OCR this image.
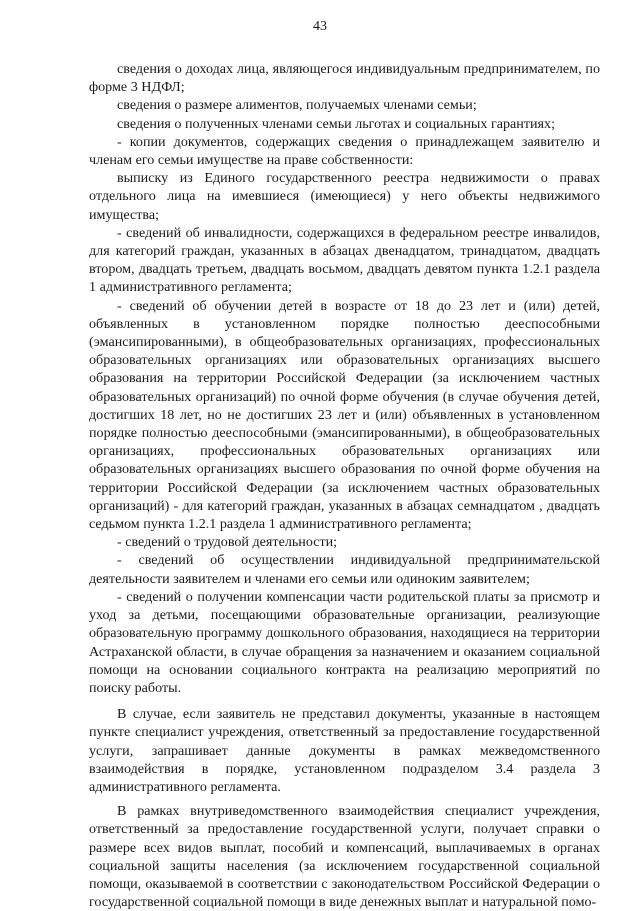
43

сведения о доходах лица, являющегося индивидуальным предпринимателем, по форме 3 НДФЛ;

сведения о размере алиментов, получаемых членами семьи;

сведения о полученных членами семьи льготах и социальных гарантиях;

- копии документов, содержащих сведения о принадлежащем заявителю и членам его семьи имуществе на праве собственности:

выписку из Единого государственного реестра недвижимости о правах отдельного лица на имевшиеся (имеющиеся) у него объекты недвижимого имущества;

- сведений об инвалидности, содержащихся в федеральном реестре инвалидов, для категорий граждан, указанных в абзацах двенадцатом, тринадцатом, двадцать втором, двадцать третьем, двадцать восьмом, двадцать девятом пункта 1.2.1 раздела 1 административного регламента;

- сведений об обучении детей в возрасте от 18 до 23 лет и (или) детей, объявленных в установленном порядке полностью дееспособными (эмансипированными), в общеобразовательных организациях, профессиональных образовательных организациях или образовательных организациях высшего образования на территории Российской Федерации (за исключением частных образовательных организаций) по очной форме обучения (в случае обучения детей, достигших 18 лет, но не достигших 23 лет и (или) объявленных в установленном порядке полностью дееспособными (эмансипированными), в общеобразовательных организациях, профессиональных образовательных организациях или образовательных организациях высшего образования по очной форме обучения на территории Российской Федерации (за исключением частных образовательных организаций) - для категорий граждан, указанных в абзацах семнадцатом , двадцать седьмом пункта 1.2.1 раздела 1 административного регламента;

- сведений о трудовой деятельности;

- сведений об осуществлении индивидуальной предпринимательской деятельности заявителем и членами его семьи или одиноким заявителем;

- сведений о получении компенсации части родительской платы за присмотр и уход за детьми, посещающими образовательные организации, реализующие образовательную программу дошкольного образования, находящиеся на территории Астраханской области, в случае обращения за назначением и оказанием социальной помощи на основании социального контракта на реализацию мероприятий по поиску работы.

В случае, если заявитель не представил документы, указанные в настоящем пункте специалист учреждения, ответственный за предоставление государственной услуги, запрашивает данные документы в рамках межведомственного взаимодействия в порядке, установленном подразделом 3.4 раздела 3 административного регламента.

В рамках внутриведомственного взаимодействия специалист учреждения, ответственный за предоставление государственной услуги, получает справки о размере всех видов выплат, пособий и компенсаций, выплачиваемых в органах социальной защиты населения (за исключением государственной социальной помощи, оказываемой в соответствии с законодательством Российской Федерации о государственной социальной помощи в виде денежных выплат и натуральной помо-
